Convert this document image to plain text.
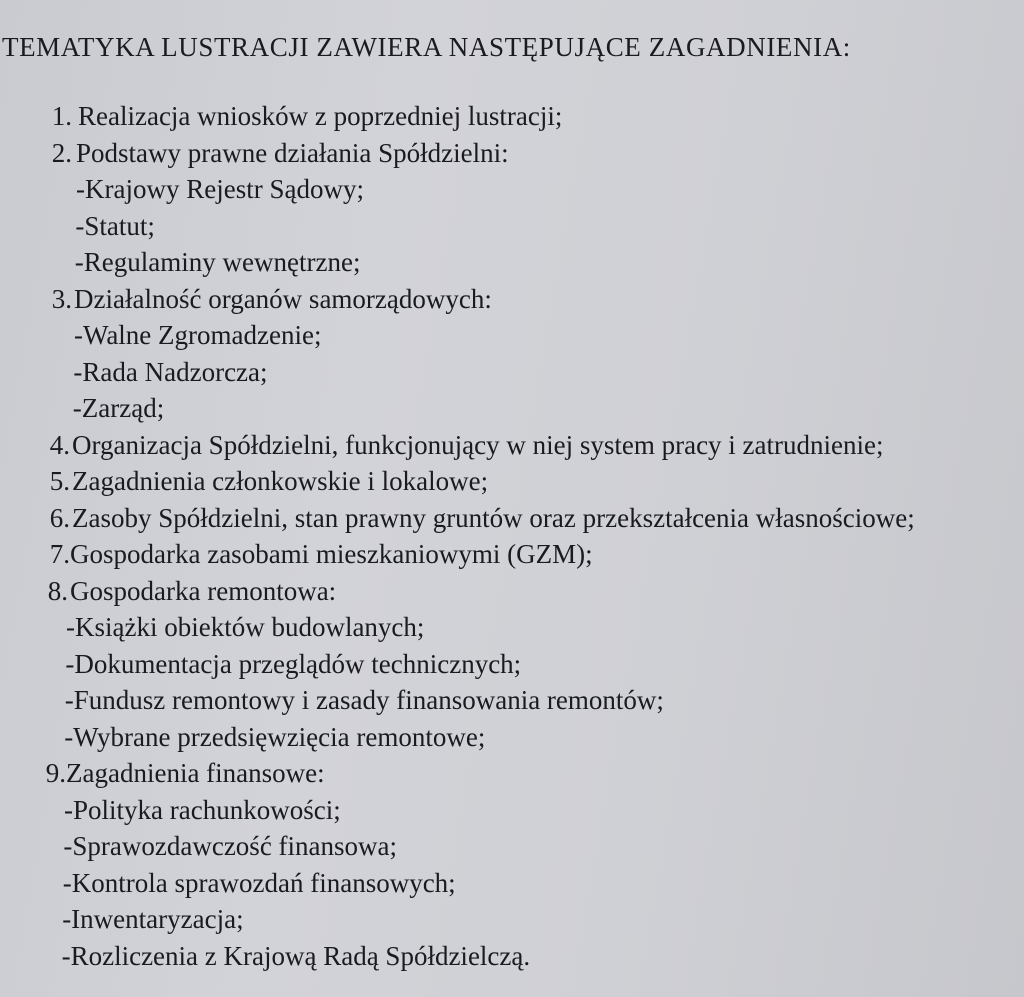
TEMATYKA LUSTRACJI ZAWIERA NASTĘPUJĄCE ZAGADNIENIA:
1. Realizacja wniosków z poprzedniej lustracji;
2. Podstawy prawne działania Spółdzielni:
-Krajowy Rejestr Sądowy;
-Statut;
-Regulaminy wewnętrzne;
3. Działalność organów samorządowych:
-Walne Zgromadzenie;
-Rada Nadzorcza;
-Zarząd;
4. Organizacja Spółdzielni, funkcjonujący w niej system pracy i zatrudnienie;
5. Zagadnienia członkowskie i lokalowe;
6. Zasoby Spółdzielni, stan prawny gruntów oraz przekształcenia własnościowe;
7. Gospodarka zasobami mieszkaniowymi (GZM);
8. Gospodarka remontowa:
-Książki obiektów budowlanych;
-Dokumentacja przeglądów technicznych;
-Fundusz remontowy i zasady finansowania remontów;
-Wybrane przedsięwzięcia remontowe;
9. Zagadnienia finansowe:
-Polityka rachunkowości;
-Sprawozdawczość finansowa;
-Kontrola sprawozdań finansowych;
-Inwentaryzacja;
-Rozliczenia z Krajową Radą Spółdzielczą.
